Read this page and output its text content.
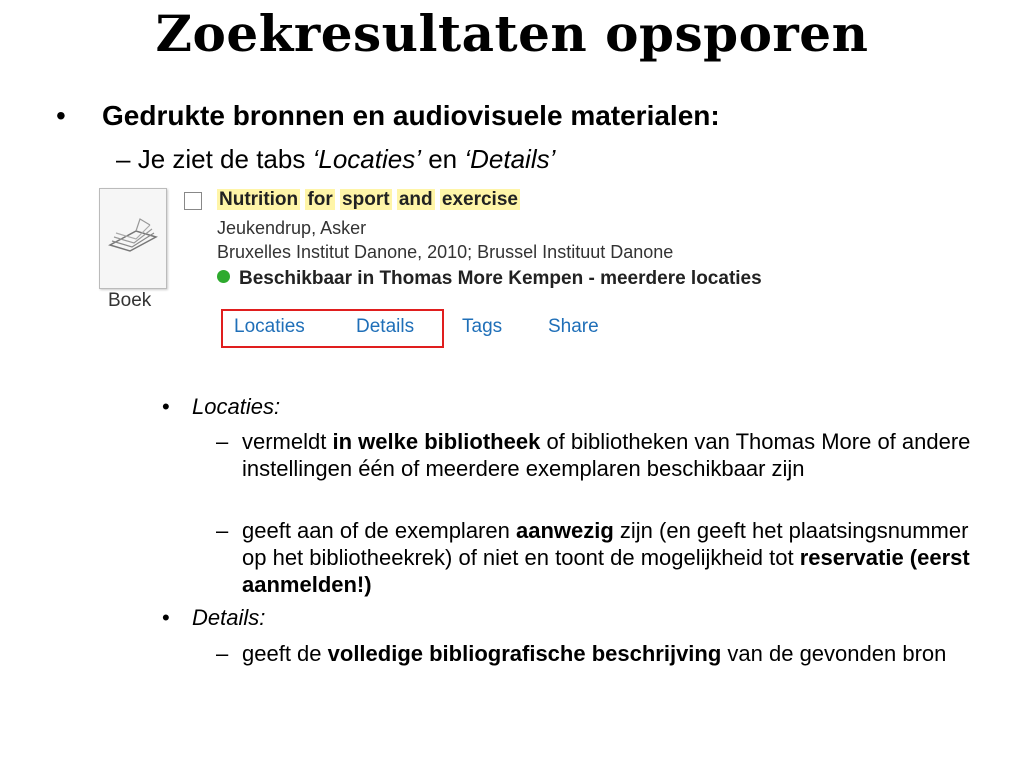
Zoekresultaten opsporen
• Gedrukte bronnen en audiovisuele materialen:
– Je ziet de tabs ‘Locaties’ en ‘Details’
Boek
Nutrition for sport and exercise
Jeukendrup, Asker
Bruxelles Institut Danone, 2010; Brussel Instituut Danone
Beschikbaar in Thomas More Kempen - meerdere locaties
Locaties	Details	Tags Share
• Locaties:
– vermeldt in welke bibliotheek of bibliotheken van Thomas More of andere instellingen één of meerdere exemplaren beschikbaar zijn
– geeft aan of de exemplaren aanwezig zijn (en geeft het plaatsingsnummer op het bibliotheekrek) of niet en toont de mogelijkheid tot reservatie (eerst aanmelden!)
• Details:
– geeft de volledige bibliografische beschrijving van de gevonden bron
